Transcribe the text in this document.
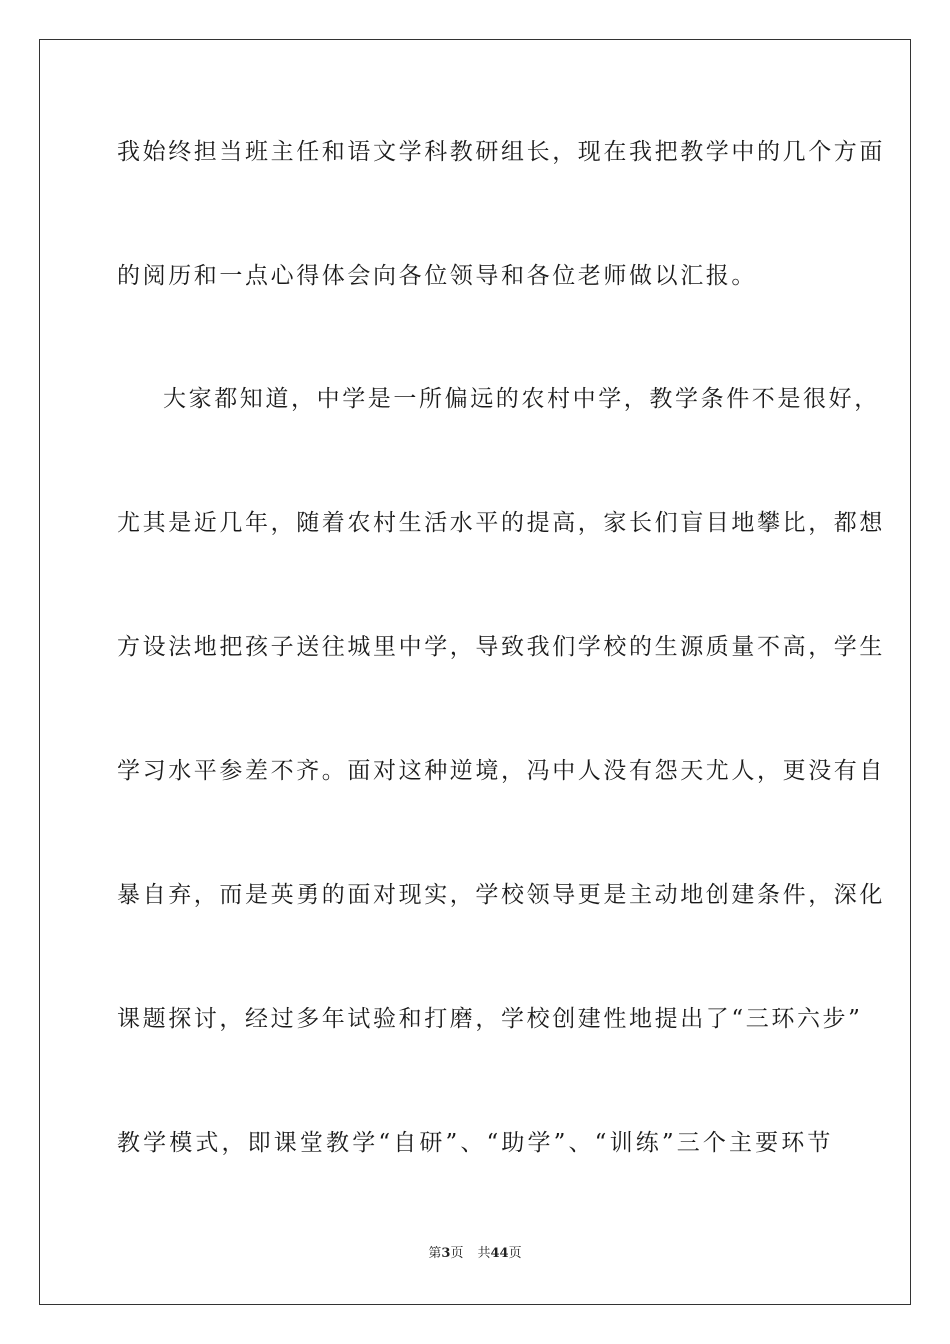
我始终担当班主任和语文学科教研组长，现在我把教学中的几个方面
的阅历和一点心得体会向各位领导和各位老师做以汇报。
大家都知道，中学是一所偏远的农村中学，教学条件不是很好，
尤其是近几年，随着农村生活水平的提高，家长们盲目地攀比，都想
方设法地把孩子送往城里中学，导致我们学校的生源质量不高，学生
学习水平参差不齐。面对这种逆境，冯中人没有怨天尤人，更没有自
暴自弃，而是英勇的面对现实，学校领导更是主动地创建条件，深化
课题探讨，经过多年试验和打磨，学校创建性地提出了“三环六步”
教学模式，即课堂教学“自研”、“助学”、“训练”三个主要环节
第3页 共44页
